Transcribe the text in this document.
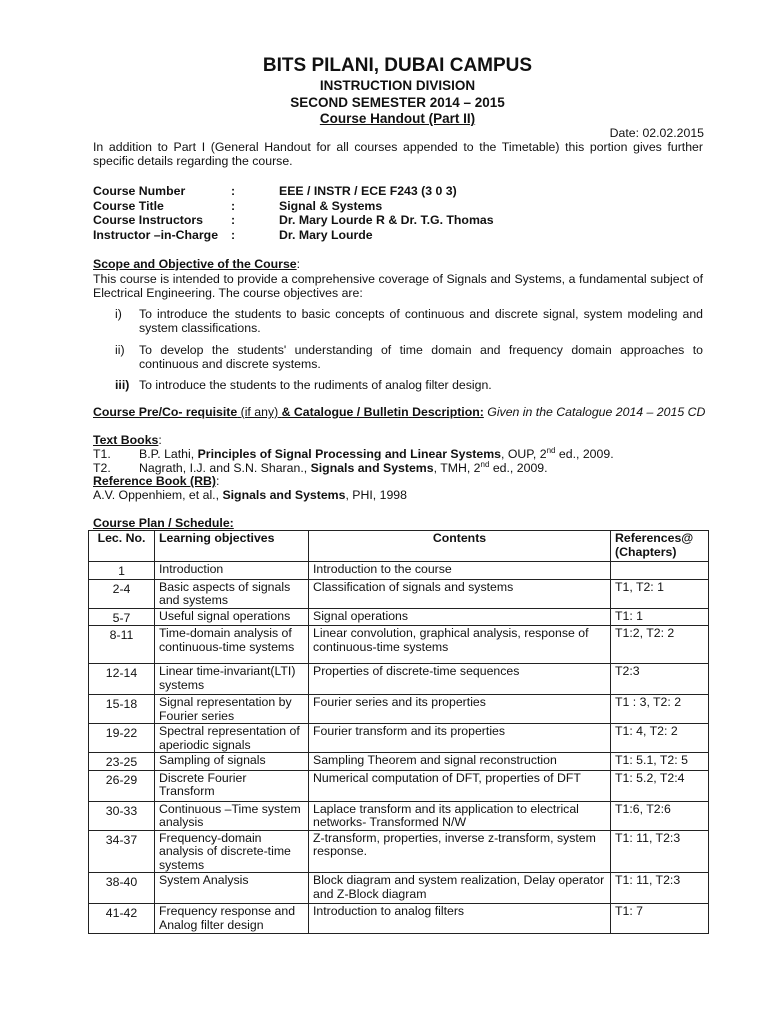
BITS PILANI, DUBAI CAMPUS
INSTRUCTION DIVISION
SECOND SEMESTER 2014 – 2015
Course Handout (Part II)
Date: 02.02.2015
In addition to Part I (General Handout for all courses appended to the Timetable) this portion gives further specific details regarding the course.
Course Number	:	EEE / INSTR / ECE F243 (3 0 3)
Course Title	:	Signal & Systems
Course Instructors :	Dr. Mary Lourde R & Dr. T.G. Thomas
Instructor –in-Charge :	Dr. Mary Lourde
Scope and Objective of the Course:
This course is intended to provide a comprehensive coverage of Signals and Systems, a fundamental subject of Electrical Engineering. The course objectives are:
i) To introduce the students to basic concepts of continuous and discrete signal, system modeling and system classifications.
ii) To develop the students' understanding of time domain and frequency domain approaches to continuous and discrete systems.
iii) To introduce the students to the rudiments of analog filter design.
Course Pre/Co- requisite (if any) & Catalogue / Bulletin Description: Given in the Catalogue 2014 – 2015 CD
Text Books:
T1. B.P. Lathi, Principles of Signal Processing and Linear Systems, OUP, 2nd ed., 2009.
T2. Nagrath, I.J. and S.N. Sharan., Signals and Systems, TMH, 2nd ed., 2009.
Reference Book (RB):
A.V. Oppenhiem, et al., Signals and Systems, PHI, 1998
Course Plan / Schedule:
Lec. No.	Learning objectives	Contents	References@ (Chapters)
1	Introduction	Introduction to the course	
2-4	Basic aspects of signals and systems	Classification of signals and systems	T1, T2: 1
5-7	Useful signal operations	Signal operations	T1: 1
8-11	Time-domain analysis of continuous-time systems	Linear convolution, graphical analysis, response of continuous-time systems	T1:2, T2: 2
12-14	Linear time-invariant(LTI) systems	Properties of discrete-time sequences	T2:3
15-18	Signal representation by Fourier series	Fourier series and its properties	T1 : 3, T2: 2
19-22	Spectral representation of aperiodic signals	Fourier transform and its properties	T1: 4, T2: 2
23-25	Sampling of signals	Sampling Theorem and signal reconstruction	T1: 5.1, T2: 5
26-29	Discrete Fourier Transform	Numerical computation of DFT, properties of DFT	T1: 5.2, T2:4
30-33	Continuous –Time system analysis	Laplace transform and its application to electrical networks- Transformed N/W	T1:6, T2:6
34-37	Frequency-domain analysis of discrete-time systems	Z-transform, properties, inverse z-transform, system response.	T1: 11, T2:3
38-40	System Analysis	Block diagram and system realization, Delay operator and Z-Block diagram	T1: 11, T2:3
41-42	Frequency response and Analog filter design	Introduction to analog filters	T1: 7
